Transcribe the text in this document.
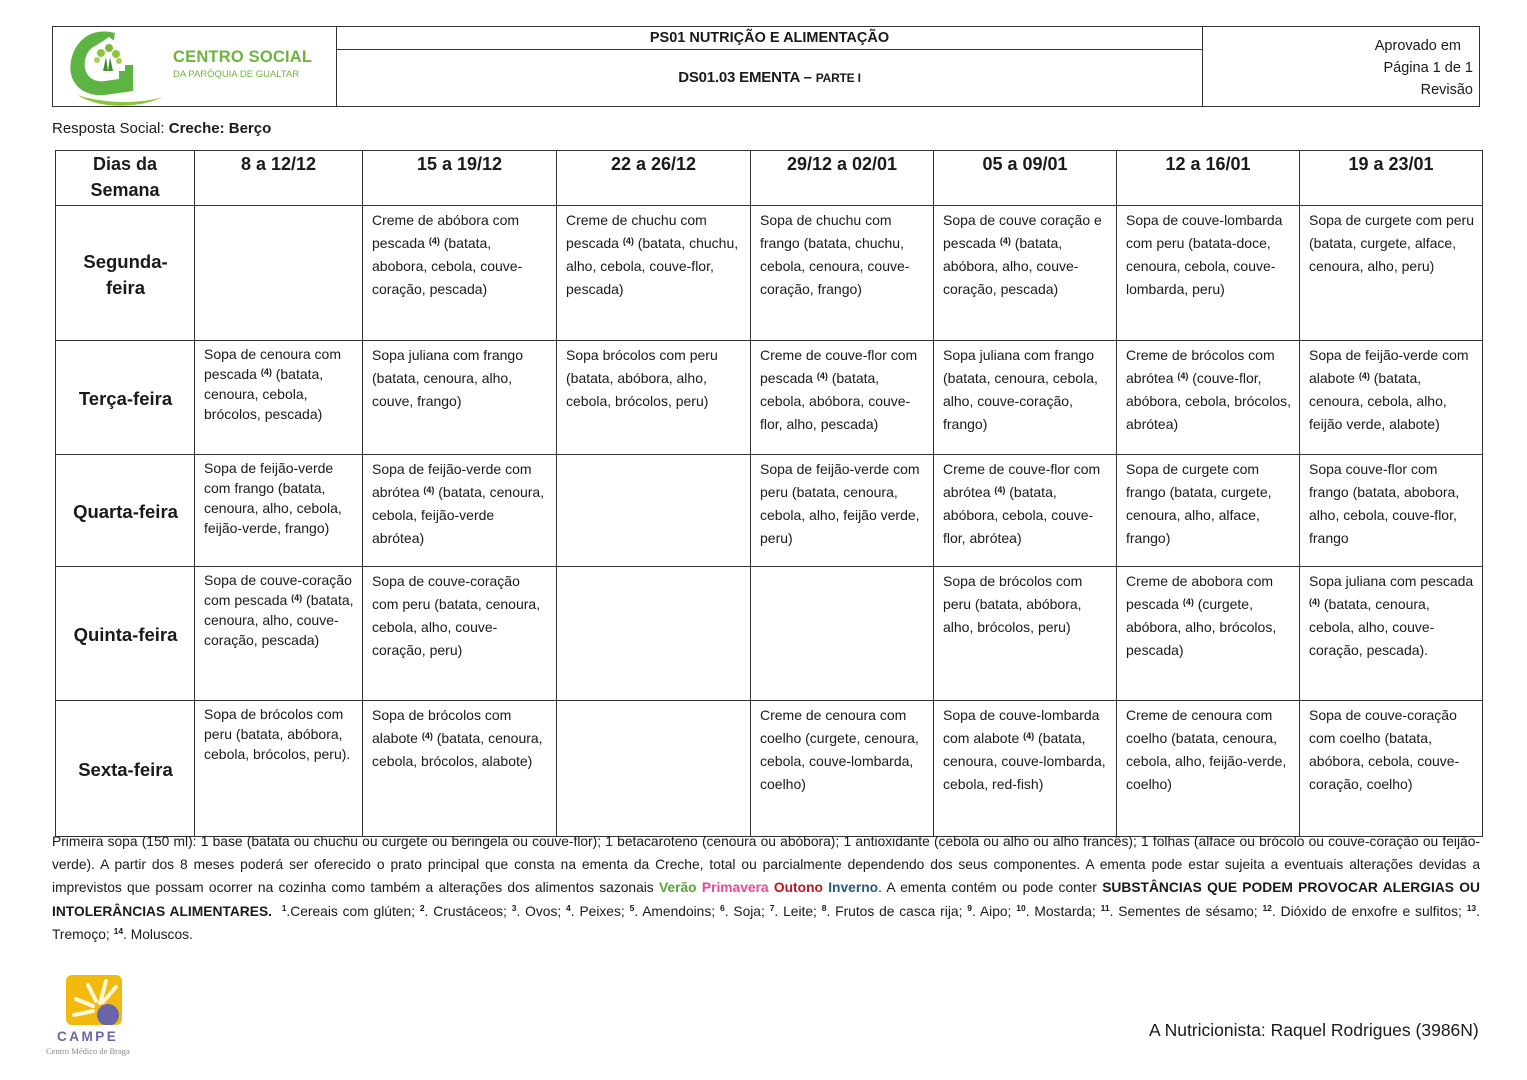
CENTRO SOCIAL
DA PARÓQUIA DE GUALTAR
PS01 NUTRIÇÃO E ALIMENTAÇÃO
DS01.03 EMENTA – PARTE I
Aprovado em
Página 1 de 1
Revisão
Resposta Social: Creche: Berço
Dias da Semana	8 a 12/12	15 a 19/12	22 a 26/12	29/12 a 02/01	05 a 09/01	12 a 16/01	19 a 23/01
Segunda-feira		Creme de abóbora com pescada $^{(4)}$ (batata, abobora, cebola, couve-coração, pescada)	Creme de chuchu com pescada $^{(4)}$ (batata, chuchu, alho, cebola, couve-flor, pescada)	Sopa de chuchu com frango (batata, chuchu, cebola, cenoura, couve-coração, frango)	Sopa de couve coração e pescada $^{(4)}$ (batata, abóbora, alho, couve-coração, pescada)	Sopa de couve-lombarda com peru (batata-doce, cenoura, cebola, couve-lombarda, peru)	Sopa de curgete com peru (batata, curgete, alface, cenoura, alho, peru)
Terça-feira	Sopa de cenoura com pescada $^{(4)}$ (batata, cenoura, cebola, brócolos, pescada)	Sopa juliana com frango (batata, cenoura, alho, couve, frango)	Sopa brócolos com peru (batata, abóbora, alho, cebola, brócolos, peru)	Creme de couve-flor com pescada $^{(4)}$ (batata, cebola, abóbora, couve-flor, alho, pescada)	Sopa juliana com frango (batata, cenoura, cebola, alho, couve-coração, frango)	Creme de brócolos com abrótea $^{(4)}$ (couve-flor, abóbora, cebola, brócolos, abrótea)	Sopa de feijão-verde com alabote $^{(4)}$ (batata, cenoura, cebola, alho, feijão verde, alabote)
Quarta-feira	Sopa de feijão-verde com frango (batata, cenoura, alho, cebola, feijão-verde, frango)	Sopa de feijão-verde com abrótea $^{(4)}$ (batata, cenoura, cebola, feijão-verde abrótea)		Sopa de feijão-verde com peru (batata, cenoura, cebola, alho, feijão verde, peru)	Creme de couve-flor com abrótea $^{(4)}$ (batata, abóbora, cebola, couve-flor, abrótea)	Sopa de curgete com frango (batata, curgete, cenoura, alho, alface, frango)	Sopa couve-flor com frango (batata, abobora, alho, cebola, couve-flor, frango
Quinta-feira	Sopa de couve-coração com pescada $^{(4)}$ (batata, cenoura, alho, couve-coração, pescada)	Sopa de couve-coração com peru (batata, cenoura, cebola, alho, couve-coração, peru)			Sopa de brócolos com peru (batata, abóbora, alho, brócolos, peru)	Creme de abobora com pescada $^{(4)}$ (curgete, abóbora, alho, brócolos, pescada)	Sopa juliana com pescada $^{(4)}$ (batata, cenoura, cebola, alho, couve-coração, pescada).
Sexta-feira	Sopa de brócolos com peru (batata, abóbora, cebola, brócolos, peru).	Sopa de brócolos com alabote $^{(4)}$ (batata, cenoura, cebola, brócolos, alabote)		Creme de cenoura com coelho (curgete, cenoura, cebola, couve-lombarda, coelho)	Sopa de couve-lombarda com alabote $^{(4)}$ (batata, cenoura, couve-lombarda, cebola, red-fish)	Creme de cenoura com coelho (batata, cenoura, cebola, alho, feijão-verde, coelho)	Sopa de couve-coração com coelho (batata, abóbora, cebola, couve-coração, coelho)
Primeira sopa (150 ml): 1 base (batata ou chuchu ou curgete ou beringela ou couve-flor); 1 betacaroteno (cenoura ou abóbora); 1 antioxidante (cebola ou alho ou alho francês); 1 folhas (alface ou brócolo ou couve-coração ou feijão-verde). A partir dos 8 meses poderá ser oferecido o prato principal que consta na ementa da Creche, total ou parcialmente dependendo dos seus componentes. A ementa pode estar sujeita a eventuais alterações devidas a imprevistos que possam ocorrer na cozinha como também a alterações dos alimentos sazonais Verão Primavera Outono Inverno. A ementa contém ou pode conter SUBSTÂNCIAS QUE PODEM PROVOCAR ALERGIAS OU INTOLERÂNCIAS ALIMENTARES. $^1$.Cereais com glúten; $^2$. Crustáceos; $^3$. Ovos; $^4$. Peixes; $^5$. Amendoins; $^6$. Soja; $^7$. Leite; $^8$. Frutos de casca rija; $^9$. Aipo; $^{10}$. Mostarda; $^{11}$. Sementes de sésamo; $^{12}$. Dióxido de enxofre e sulfitos; $^{13}$. Tremoço; $^{14}$. Moluscos.
CAMPE
Centro Médico de Braga
A Nutricionista: Raquel Rodrigues (3986N)
